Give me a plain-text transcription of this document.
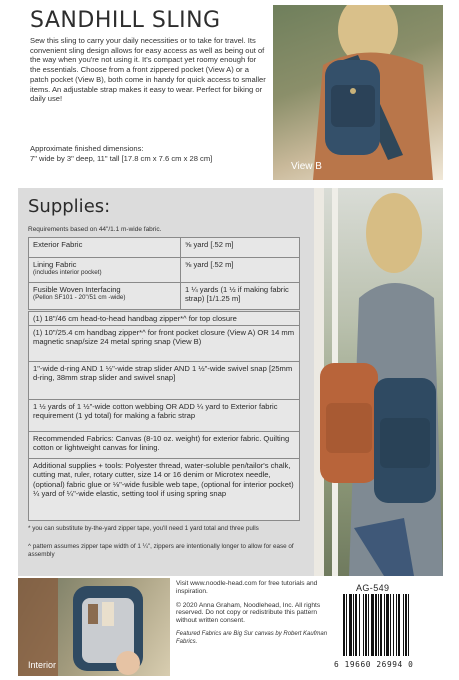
SANDHILL SLING
Sew this sling to carry your daily necessities or to take for travel. Its convenient sling design allows for easy access as well as being out of the way when you're not using it. It's compact yet roomy enough for the essentials. Choose from a front zippered pocket (View A) or a patch pocket (View B), both come in handy for quick access to smaller items. An adjustable strap makes it easy to wear. Perfect for biking or daily use!
Approximate finished dimensions:
7" wide by 3" deep, 11" tall [17.8 cm x 7.6 cm x 28 cm]
View B
Supplies:
Requirements based on 44"/1.1 m-wide fabric.
Exterior Fabric	⅝ yard [.52 m]
Lining Fabric
(includes interior pocket)
⅝ yard [.52 m]
Fusible Woven Interfacing
(Pellon SF101 - 20"/51 cm -wide)
1 ¼ yards (1 ½ if making fabric strap) [1/1.25 m]
(1) 18"/46 cm head-to-head handbag zipper*^ for top closure
(1) 10"/25.4 cm handbag zipper*^ for front pocket closure (View A) OR 14 mm magnetic snap/size 24 metal spring snap (View B)
1"-wide d-ring AND 1 ½"-wide strap slider AND 1 ½"-wide swivel snap [25mm d-ring, 38mm strap slider and swivel snap]
1 ½ yards of 1 ½"-wide cotton webbing OR ADD ¼ yard to Exterior fabric requirement (1 yd total) for making a fabric strap
Recommended Fabrics: Canvas (8-10 oz. weight) for exterior fabric. Quilting cotton or lightweight canvas for lining.
Additional supplies + tools: Polyester thread, water-soluble pen/tailor's chalk, cutting mat, ruler, rotary cutter, size 14 or 16 denim or Microtex needle, (optional) fabric glue or ⅛"-wide fusible web tape, (optional for interior pocket) ¼ yard of ¼"-wide elastic, setting tool if using spring snap
* you can substitute by-the-yard zipper tape, you'll need 1 yard total and three pulls
^ pattern assumes zipper tape width of 1 ¼", zippers are intentionally longer to allow for ease of assembly
Interior

Visit www.noodle-head.com for free tutorials and inspiration.

© 2020 Anna Graham, Noodlehead, Inc. All rights reserved. Do not copy or redistribute this pattern without written consent.

Featured Fabrics are Big Sur canvas by Robert Kaufman Fabrics.

AG-549
6 19660 26994 0
